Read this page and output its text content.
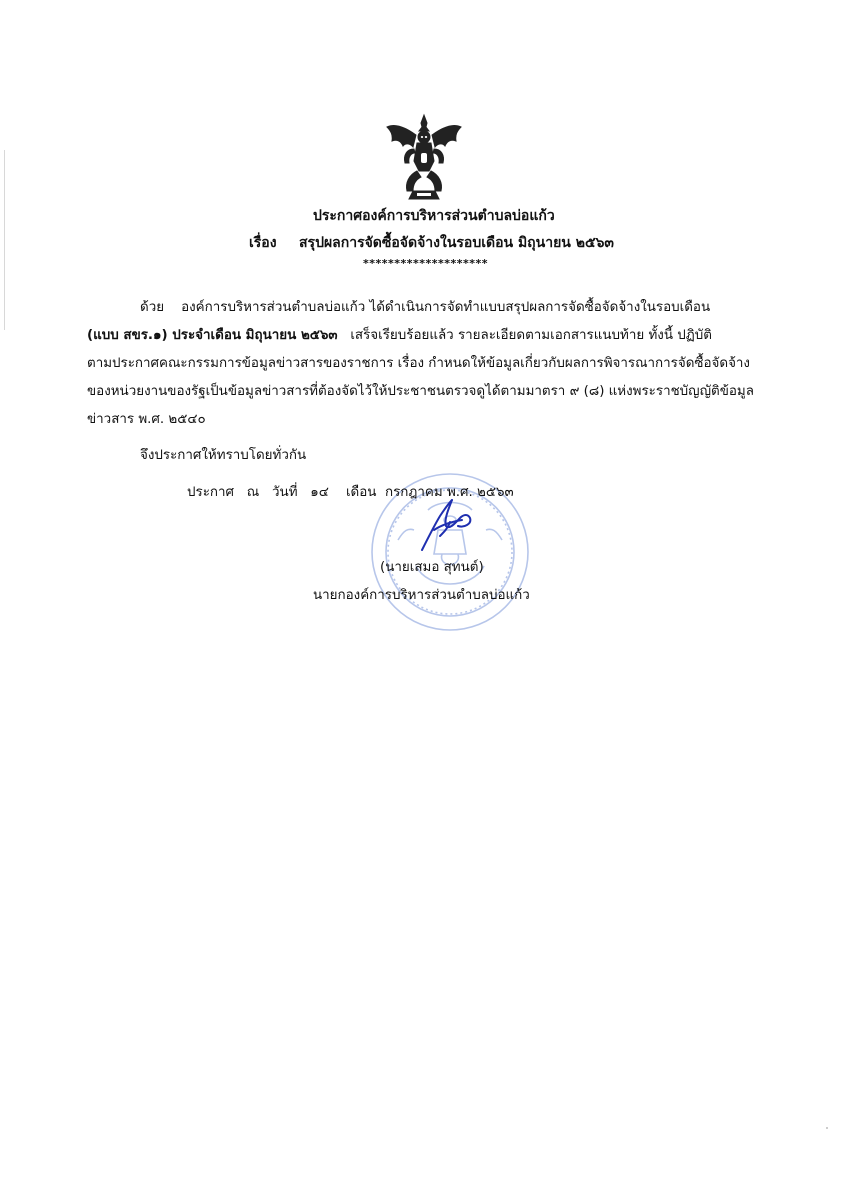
ประกาศองค์การบริหารส่วนตำบลบ่อแก้ว
เรื่อง สรุปผลการจัดซื้อจัดจ้างในรอบเดือน มิถุนายน ๒๕๖๓
********************
ด้วย องค์การบริหารส่วนตำบลบ่อแก้ว ได้ดำเนินการจัดทำแบบสรุปผลการจัดซื้อจัดจ้างในรอบเดือน
(แบบ สขร.๑) ประจำเดือน มิถุนายน ๒๕๖๓ เสร็จเรียบร้อยแล้ว รายละเอียดตามเอกสารแนบท้าย ทั้งนี้ ปฏิบัติ
ตามประกาศคณะกรรมการข้อมูลข่าวสารของราชการ เรื่อง กำหนดให้ข้อมูลเกี่ยวกับผลการพิจารณาการจัดซื้อจัดจ้าง
ของหน่วยงานของรัฐเป็นข้อมูลข่าวสารที่ต้องจัดไว้ให้ประชาชนตรวจดูได้ตามมาตรา ๙ (๘) แห่งพระราชบัญญัติข้อมูล
ข่าวสาร พ.ศ. ๒๕๔๐
จึงประกาศให้ทราบโดยทั่วกัน
ประกาศ ณ วันที่ ๑๔ เดือน กรกฎาคม พ.ศ. ๒๕๖๓
(นายเสมอ สุทนต์)
นายกองค์การบริหารส่วนตำบลบ่อแก้ว
